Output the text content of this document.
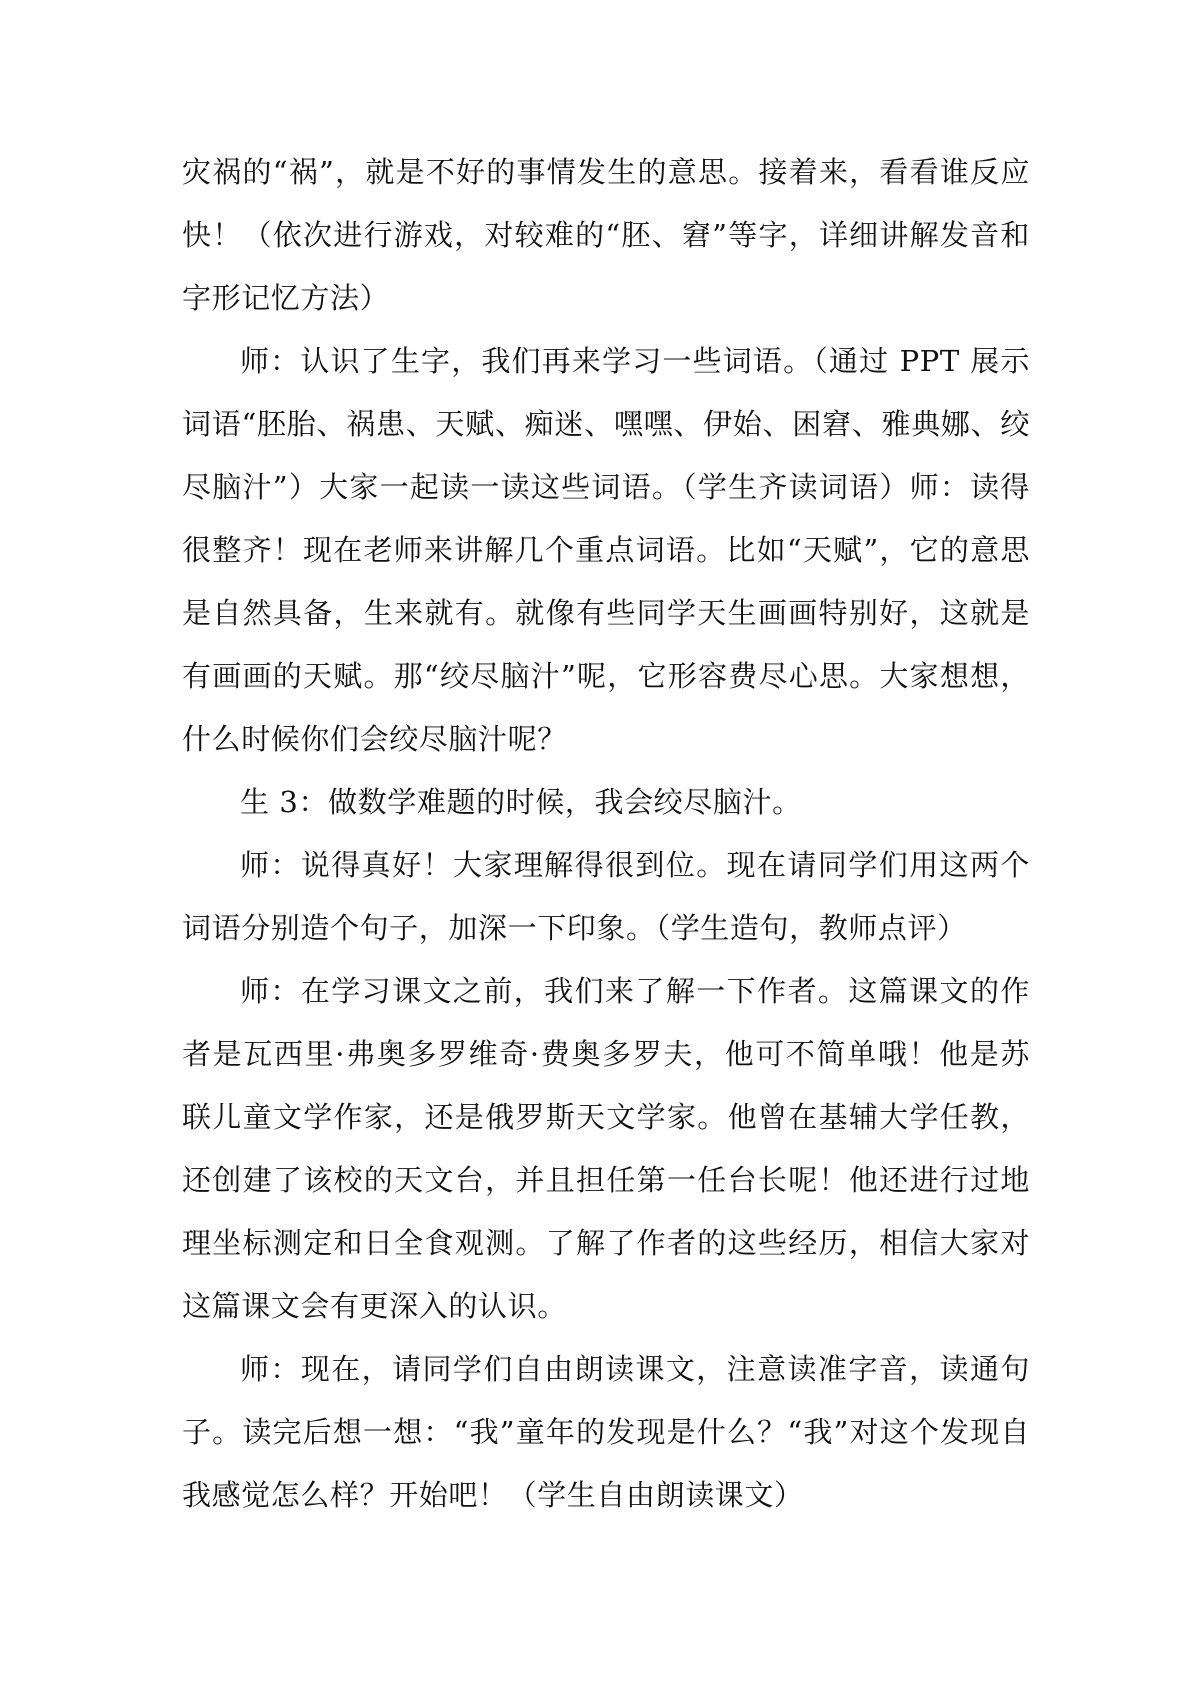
灾祸的“祸”，就是不好的事情发生的意思。接着来，看看谁反应快！（依次进行游戏，对较难的“胚、窘”等字，详细讲解发音和字形记忆方法）

师：认识了生字，我们再来学习一些词语。（通过 PPT 展示词语“胚胎、祸患、天赋、痴迷、嘿嘿、伊始、困窘、雅典娜、绞尽脑汁”）大家一起读一读这些词语。（学生齐读词语）师：读得很整齐！现在老师来讲解几个重点词语。比如“天赋”，它的意思是自然具备，生来就有。就像有些同学天生画画特别好，这就是有画画的天赋。那“绞尽脑汁”呢，它形容费尽心思。大家想想，什么时候你们会绞尽脑汁呢？

生 3：做数学难题的时候，我会绞尽脑汁。

师：说得真好！大家理解得很到位。现在请同学们用这两个词语分别造个句子，加深一下印象。（学生造句，教师点评）

师：在学习课文之前，我们来了解一下作者。这篇课文的作者是瓦西里·弗奥多罗维奇·费奥多罗夫，他可不简单哦！他是苏联儿童文学作家，还是俄罗斯天文学家。他曾在基辅大学任教，还创建了该校的天文台，并且担任第一任台长呢！他还进行过地理坐标测定和日全食观测。了解了作者的这些经历，相信大家对这篇课文会有更深入的认识。

师：现在，请同学们自由朗读课文，注意读准字音，读通句子。读完后想一想：“我”童年的发现是什么？“我”对这个发现自我感觉怎么样？开始吧！（学生自由朗读课文）
